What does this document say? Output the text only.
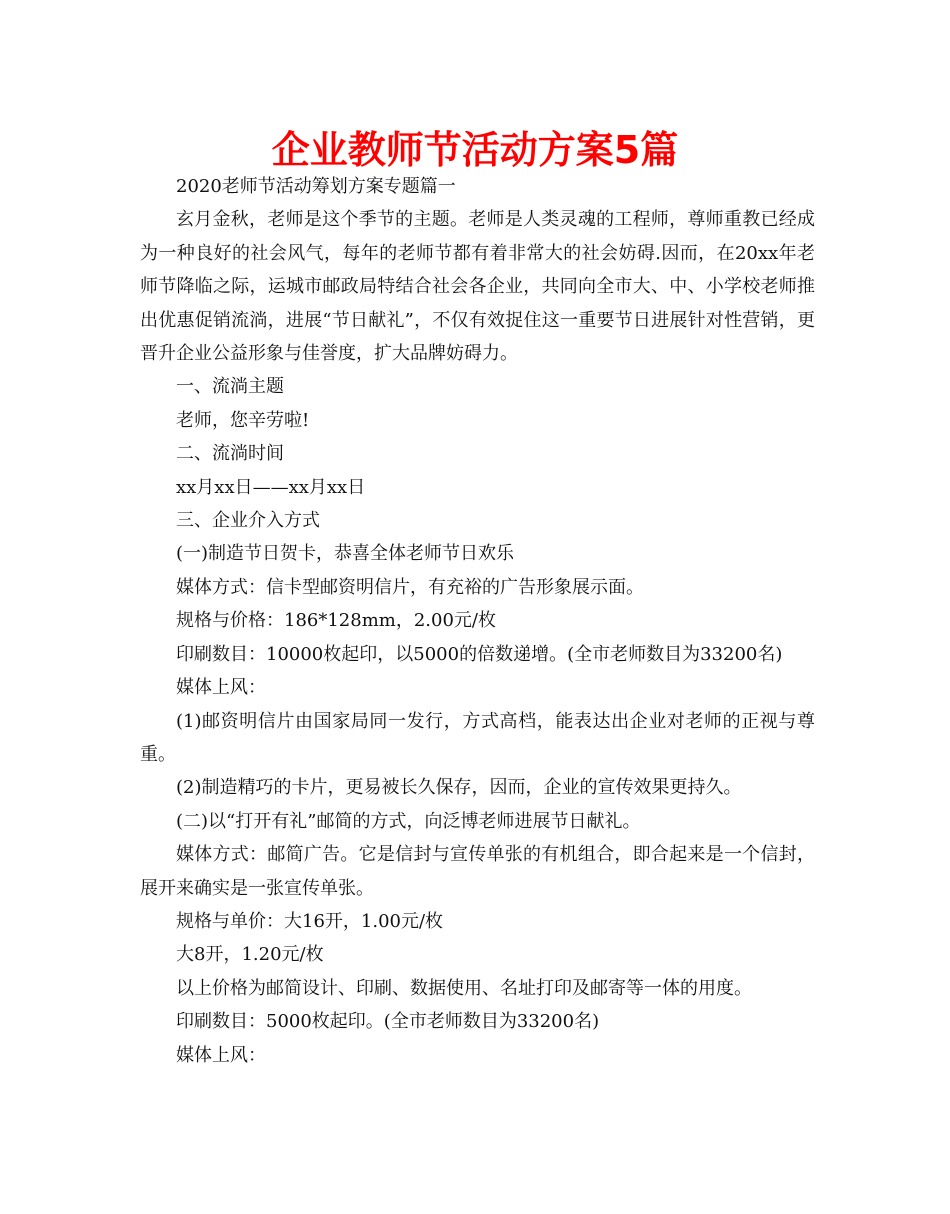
企业教师节活动方案5篇

2020老师节活动筹划方案专题篇一

玄月金秋，老师是这个季节的主题。老师是人类灵魂的工程师，尊师重教已经成为一种良好的社会风气，每年的老师节都有着非常大的社会妨碍.因而，在20xx年老师节降临之际，运城市邮政局特结合社会各企业，共同向全市大、中、小学校老师推出优惠促销流淌，进展“节日献礼”，不仅有效捉住这一重要节日进展针对性营销，更晋升企业公益形象与佳誉度，扩大品牌妨碍力。

一、流淌主题

老师，您辛劳啦!

二、流淌时间

xx月xx日——xx月xx日

三、企业介入方式

(一)制造节日贺卡，恭喜全体老师节日欢乐

媒体方式：信卡型邮资明信片，有充裕的广告形象展示面。

规格与价格：186*128mm，2.00元/枚

印刷数目：10000枚起印，以5000的倍数递增。(全市老师数目为33200名)

媒体上风：

(1)邮资明信片由国家局同一发行，方式高档，能表达出企业对老师的正视与尊重。

(2)制造精巧的卡片，更易被长久保存，因而，企业的宣传效果更持久。

(二)以“打开有礼”邮简的方式，向泛博老师进展节日献礼。

媒体方式：邮简广告。它是信封与宣传单张的有机组合，即合起来是一个信封，展开来确实是一张宣传单张。

规格与单价：大16开，1.00元/枚

大8开，1.20元/枚

以上价格为邮简设计、印刷、数据使用、名址打印及邮寄等一体的用度。

印刷数目：5000枚起印。(全市老师数目为33200名)

媒体上风：
